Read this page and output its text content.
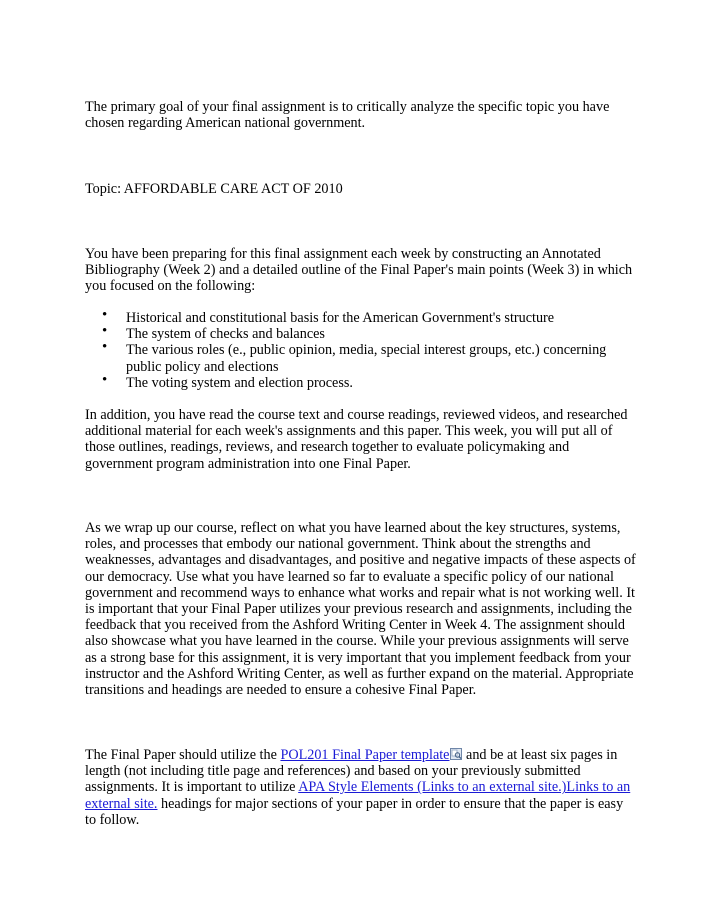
The primary goal of your final assignment is to critically analyze the specific topic you have chosen regarding American national government.

Topic: AFFORDABLE CARE ACT OF 2010

You have been preparing for this final assignment each week by constructing an Annotated Bibliography (Week 2) and a detailed outline of the Final Paper's main points (Week 3) in which you focused on the following:

• Historical and constitutional basis for the American Government's structure
• The system of checks and balances
• The various roles (e., public opinion, media, special interest groups, etc.) concerning public policy and elections
• The voting system and election process.

In addition, you have read the course text and course readings, reviewed videos, and researched additional material for each week's assignments and this paper. This week, you will put all of those outlines, readings, reviews, and research together to evaluate policymaking and government program administration into one Final Paper.

As we wrap up our course, reflect on what you have learned about the key structures, systems, roles, and processes that embody our national government. Think about the strengths and weaknesses, advantages and disadvantages, and positive and negative impacts of these aspects of our democracy. Use what you have learned so far to evaluate a specific policy of our national government and recommend ways to enhance what works and repair what is not working well. It is important that your Final Paper utilizes your previous research and assignments, including the feedback that you received from the Ashford Writing Center in Week 4. The assignment should also showcase what you have learned in the course. While your previous assignments will serve as a strong base for this assignment, it is very important that you implement feedback from your instructor and the Ashford Writing Center, as well as further expand on the material. Appropriate transitions and headings are needed to ensure a cohesive Final Paper.

The Final Paper should utilize the POL201 Final Paper template and be at least six pages in length (not including title page and references) and based on your previously submitted assignments. It is important to utilize APA Style Elements (Links to an external site.)Links to an external site. headings for major sections of your paper in order to ensure that the paper is easy to follow.
